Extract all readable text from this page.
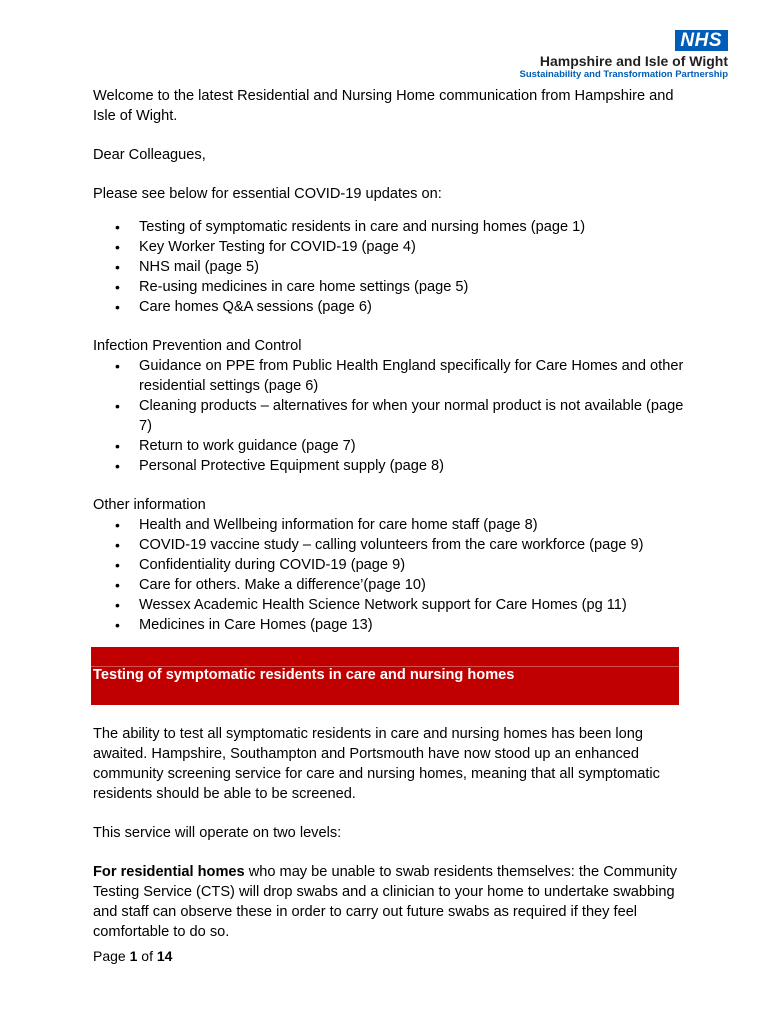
NHS
Hampshire and Isle of Wight
Sustainability and Transformation Partnership

Welcome to the latest Residential and Nursing Home communication from Hampshire and Isle of Wight.

Dear Colleagues,

Please see below for essential COVID-19 updates on:

• Testing of symptomatic residents in care and nursing homes (page 1)
• Key Worker Testing for COVID-19 (page 4)
• NHS mail (page 5)
• Re-using medicines in care home settings (page 5)
• Care homes Q&A sessions (page 6)

Infection Prevention and Control

• Guidance on PPE from Public Health England specifically for Care Homes and other residential settings (page 6)
• Cleaning products – alternatives for when your normal product is not available (page 7)
• Return to work guidance (page 7)
• Personal Protective Equipment supply (page 8)

Other information

• Health and Wellbeing information for care home staff (page 8)
• COVID-19 vaccine study – calling volunteers from the care workforce (page 9)
• Confidentiality during COVID-19 (page 9)
• Care for others. Make a difference’(page 10)
• Wessex Academic Health Science Network support for Care Homes (pg 11)
• Medicines in Care Homes (page 13)
Testing of symptomatic residents in care and nursing homes

The ability to test all symptomatic residents in care and nursing homes has been long awaited. Hampshire, Southampton and Portsmouth have now stood up an enhanced community screening service for care and nursing homes, meaning that all symptomatic residents should be able to be screened.

This service will operate on two levels:

For residential homes who may be unable to swab residents themselves: the Community Testing Service (CTS) will drop swabs and a clinician to your home to undertake swabbing and staff can observe these in order to carry out future swabs as required if they feel comfortable to do so.

Page 1 of 14
